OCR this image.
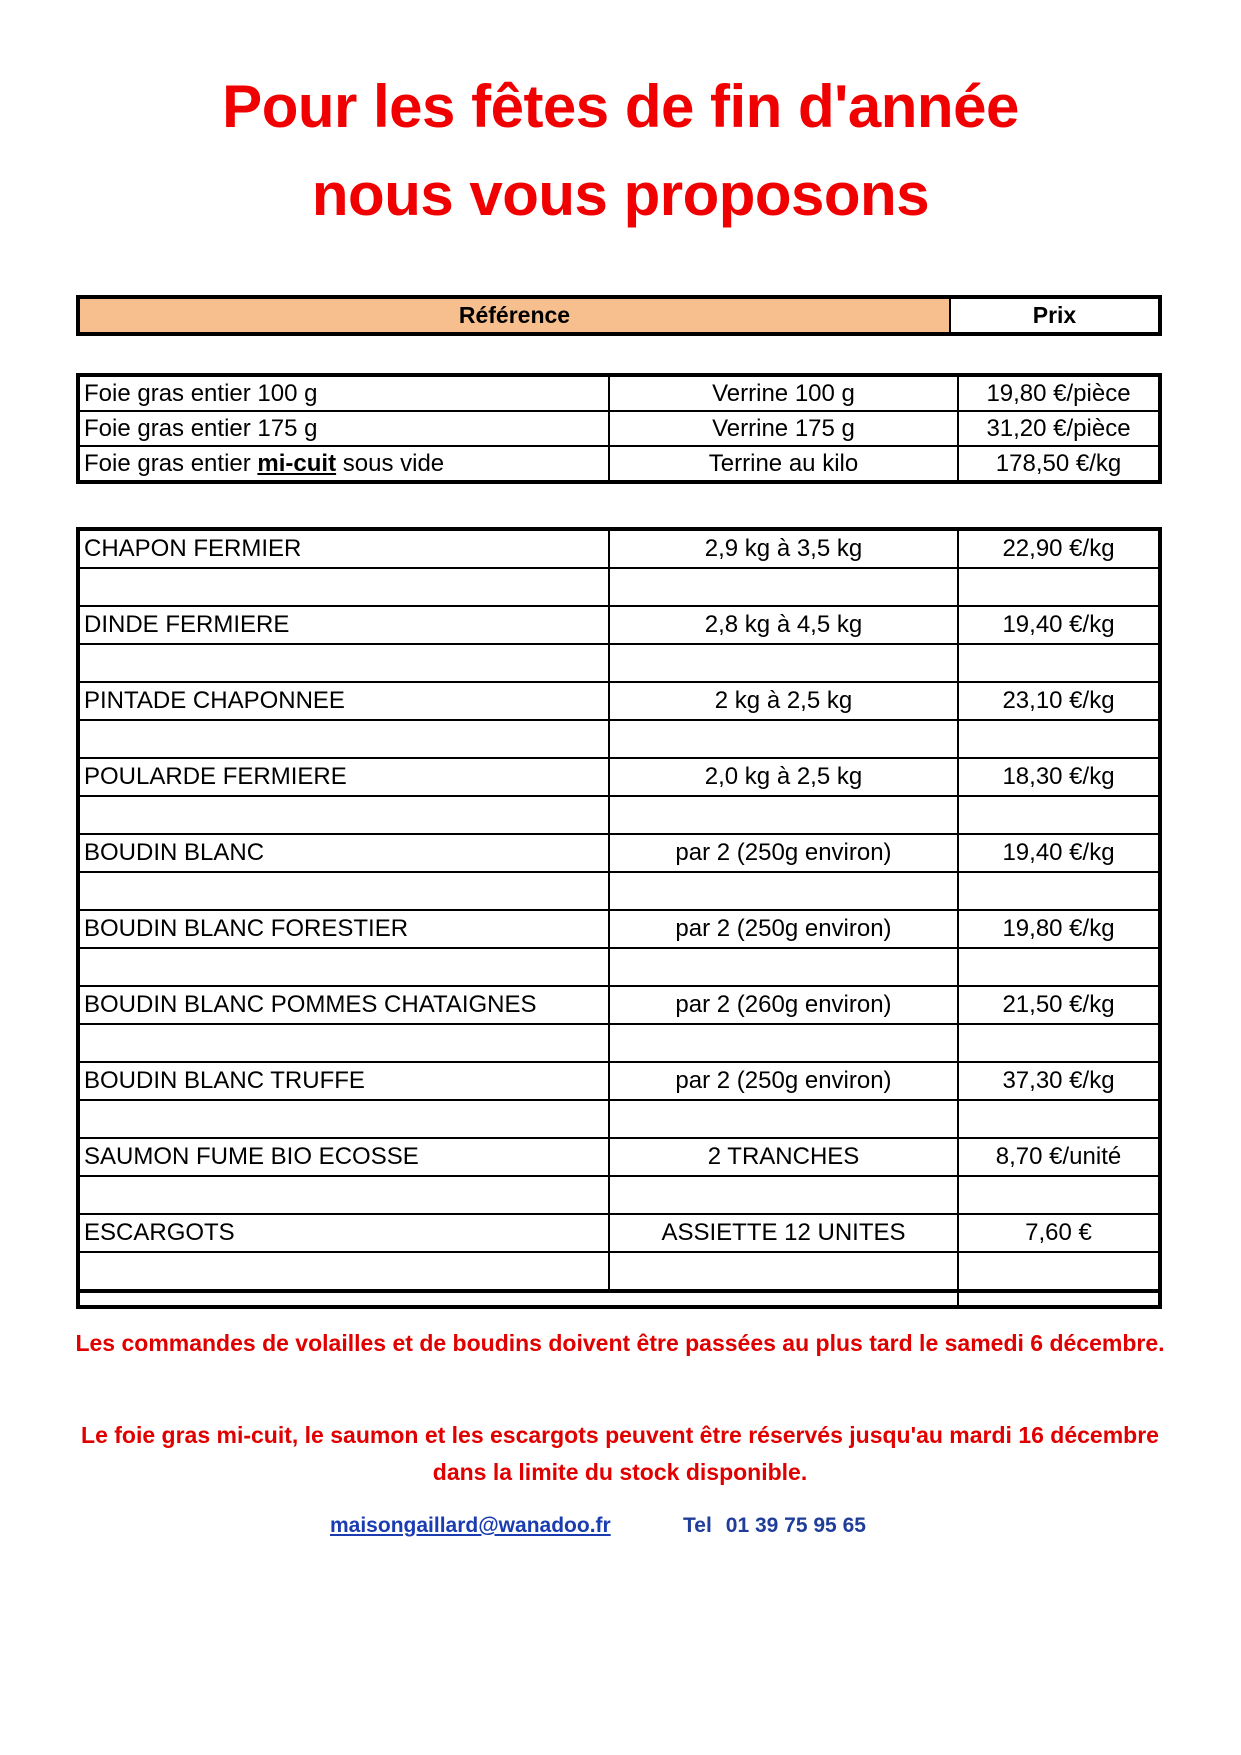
Pour les fêtes de fin d'année
nous vous proposons
Référence	Prix
Foie gras entier 100 g	Verrine 100 g	19,80 €/pièce
Foie gras entier 175 g	Verrine 175 g	31,20 €/pièce
Foie gras entier mi-cuit sous vide	Terrine au kilo	178,50 €/kg
CHAPON FERMIER	2,9 kg à 3,5 kg	22,90 €/kg

DINDE FERMIERE	2,8 kg à 4,5 kg	19,40 €/kg

PINTADE CHAPONNEE	2 kg à 2,5 kg	23,10 €/kg

POULARDE FERMIERE	2,0 kg à 2,5 kg	18,30 €/kg

BOUDIN BLANC	par 2 (250g environ)	19,40 €/kg

BOUDIN BLANC FORESTIER	par 2 (250g environ)	19,80 €/kg

BOUDIN BLANC POMMES CHATAIGNES	par 2 (260g environ)	21,50 €/kg

BOUDIN BLANC TRUFFE	par 2 (250g environ)	37,30 €/kg

SAUMON FUME BIO ECOSSE	2 TRANCHES	8,70 €/unité

ESCARGOTS	ASSIETTE 12 UNITES	7,60 €

Les commandes de volailles et de boudins doivent être passées au plus tard le samedi 6 décembre.
Le foie gras mi-cuit, le saumon et les escargots peuvent être réservés jusqu'au mardi 16 décembre dans la limite du stock disponible.
maisongaillard@wanadoo.fr	Tel 01 39 75 95 65
